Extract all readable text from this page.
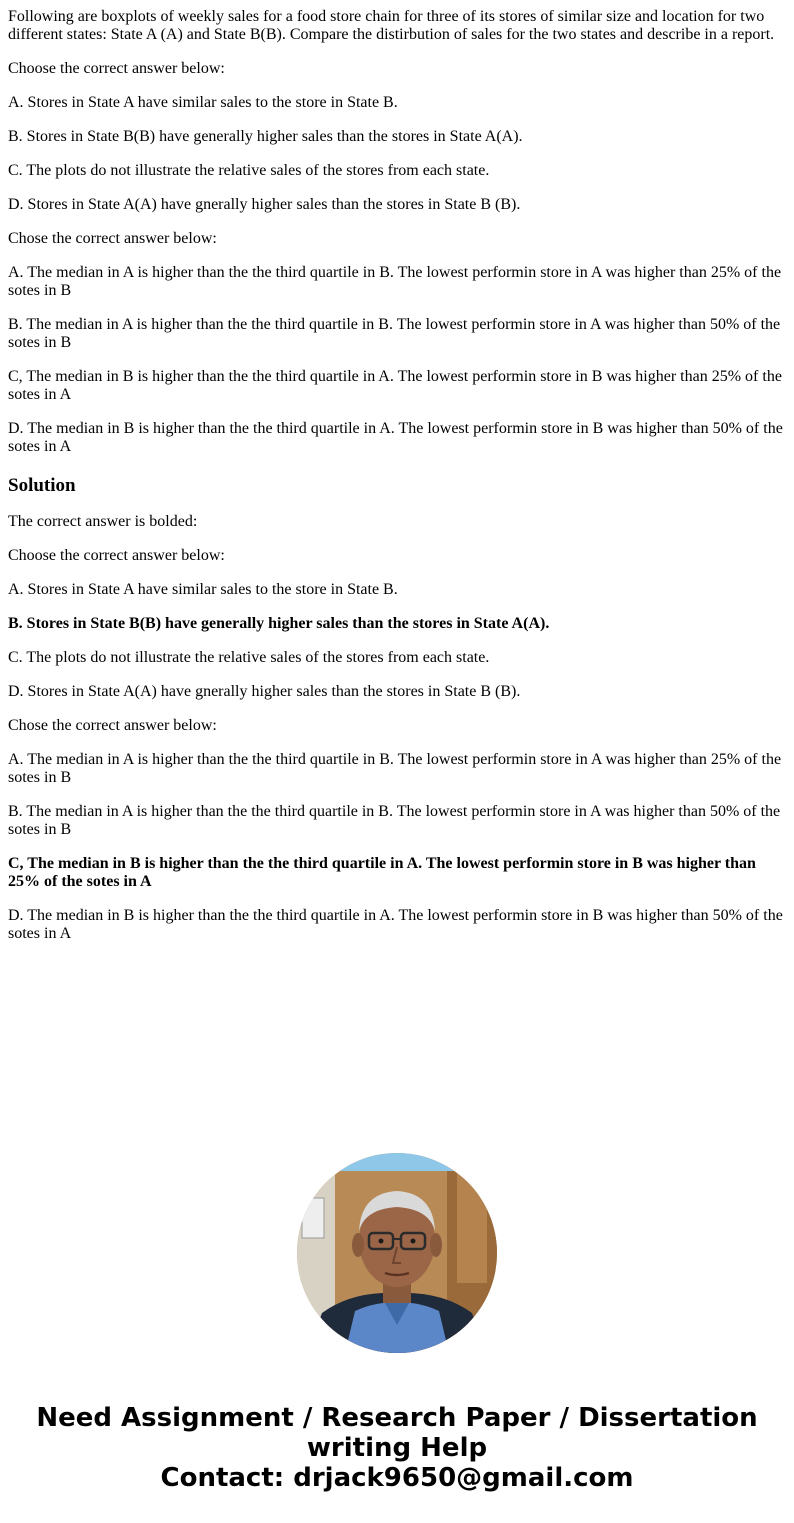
Following are boxplots of weekly sales for a food store chain for three of its stores of similar size and location for two different states: State A (A) and State B(B). Compare the distirbution of sales for the two states and describe in a report.

Choose the correct answer below:

A. Stores in State A have similar sales to the store in State B.

B. Stores in State B(B) have generally higher sales than the stores in State A(A).

C. The plots do not illustrate the relative sales of the stores from each state.

D. Stores in State A(A) have gnerally higher sales than the stores in State B (B).

Chose the correct answer below:

A. The median in A is higher than the the third quartile in B. The lowest performin store in A was higher than 25% of the sotes in B

B. The median in A is higher than the the third quartile in B. The lowest performin store in A was higher than 50% of the sotes in B

C, The median in B is higher than the the third quartile in A. The lowest performin store in B was higher than 25% of the sotes in A

D. The median in B is higher than the the third quartile in A. The lowest performin store in B was higher than 50% of the sotes in A

Solution

The correct answer is bolded:

Choose the correct answer below:

A. Stores in State A have similar sales to the store in State B.

B. Stores in State B(B) have generally higher sales than the stores in State A(A).

C. The plots do not illustrate the relative sales of the stores from each state.

D. Stores in State A(A) have gnerally higher sales than the stores in State B (B).

Chose the correct answer below:

A. The median in A is higher than the the third quartile in B. The lowest performin store in A was higher than 25% of the sotes in B

B. The median in A is higher than the the third quartile in B. The lowest performin store in A was higher than 50% of the sotes in B

C, The median in B is higher than the the third quartile in A. The lowest performin store in B was higher than 25% of the sotes in A

D. The median in B is higher than the the third quartile in A. The lowest performin store in B was higher than 50% of the sotes in A

Need Assignment / Research Paper / Dissertation
writing Help
Contact: drjack9650@gmail.com
